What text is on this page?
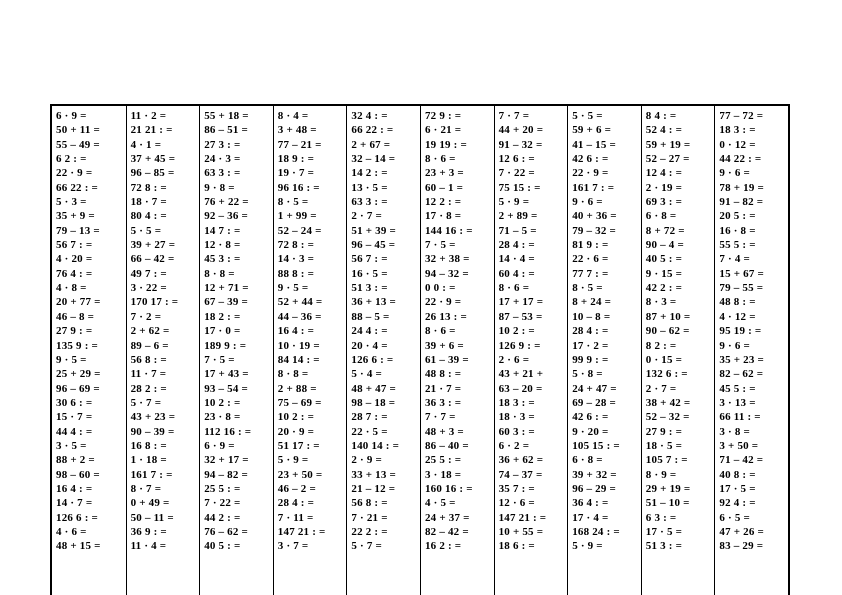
6 · 9 =
50 + 11 =
55 – 49 =
6 2 : =
22 · 9 =
66 22 : =
5 · 3 =
35 + 9 =
79 – 13 =
56 7 : =
4 · 20 =
76 4 : =
4 · 8 =
20 + 77 =
46 – 8 =
27 9 : =
135 9 : =
9 · 5 =
25 + 29 =
96 – 69 =
30 6 : =
15 · 7 =
44 4 : =
3 · 5 =
88 + 2 =
98 – 60 =
16 4 : =
14 · 7 =
126 6 : =
4 · 6 =
48 + 15 =
11 · 2 =
21 21 : =
4 · 1 =
37 + 45 =
96 – 85 =
72 8 : =
18 · 7 =
80 4 : =
5 · 5 =
39 + 27 =
66 – 42 =
49 7 : =
3 · 22 =
170 17 : =
7 · 2 =
2 + 62 =
89 – 6 =
56 8 : =
11 · 7 =
28 2 : =
5 · 7 =
43 + 23 =
90 – 39 =
16 8 : =
1 · 18 =
161 7 : =
8 · 7 =
0 + 49 =
50 – 11 =
36 9 : =
11 · 4 =
55 + 18 =
86 – 51 =
27 3 : =
24 · 3 =
63 3 : =
9 · 8 =
76 + 22 =
92 – 36 =
14 7 : =
12 · 8 =
45 3 : =
8 · 8 =
12 + 71 =
67 – 39 =
18 2 : =
17 · 0 =
189 9 : =
7 · 5 =
17 + 43 =
93 – 54 =
10 2 : =
23 · 8 =
112 16 : =
6 · 9 =
32 + 17 =
94 – 82 =
25 5 : =
7 · 22 =
44 2 : =
76 – 62 =
40 5 : =
8 · 4 =
3 + 48 =
77 – 21 =
18 9 : =
19 · 7 =
96 16 : =
8 · 5 =
1 + 99 =
52 – 24 =
72 8 : =
14 · 3 =
88 8 : =
9 · 5 =
52 + 44 =
44 – 36 =
16 4 : =
10 · 19 =
84 14 : =
8 · 8 =
2 + 88 =
75 – 69 =
10 2 : =
20 · 9 =
51 17 : =
5 · 9 =
23 + 50 =
46 – 2 =
28 4 : =
7 · 11 =
147 21 : =
3 · 7 =
32 4 : =
66 22 : =
2 + 67 =
32 – 14 =
14 2 : =
13 · 5 =
63 3 : =
2 · 7 =
51 + 39 =
96 – 45 =
56 7 : =
16 · 5 =
51 3 : =
36 + 13 =
88 – 5 =
24 4 : =
20 · 4 =
126 6 : =
5 · 4 =
48 + 47 =
98 – 18 =
28 7 : =
22 · 5 =
140 14 : =
2 · 9 =
33 + 13 =
21 – 12 =
56 8 : =
7 · 21 =
22 2 : =
5 · 7 =
72 9 : =
6 · 21 =
19 19 : =
8 · 6 =
23 + 3 =
60 – 1 =
12 2 : =
17 · 8 =
144 16 : =
7 · 5 =
32 + 38 =
94 – 32 =
0 0 : =
22 · 9 =
26 13 : =
8 · 6 =
39 + 6 =
61 – 39 =
48 8 : =
21 · 7 =
36 3 : =
7 · 7 =
48 + 3 =
86 – 40 =
25 5 : =
3 · 18 =
160 16 : =
4 · 5 =
24 + 37 =
82 – 42 =
16 2 : =
7 · 7 =
44 + 20 =
91 – 32 =
12 6 : =
7 · 22 =
75 15 : =
5 · 9 =
2 + 89 =
71 – 5 =
28 4 : =
14 · 4 =
60 4 : =
8 · 6 =
17 + 17 =
87 – 53 =
10 2 : =
126 9 : =
2 · 6 =
43 + 21 +
63 – 20 =
18 3 : =
18 · 3 =
60 3 : =
6 · 2 =
36 + 62 =
74 – 37 =
35 7 : =
12 · 6 =
147 21 : =
10 + 55 =
18 6 : =
5 · 5 =
59 + 6 =
41 – 15 =
42 6 : =
22 · 9 =
161 7 : =
9 · 6 =
40 + 36 =
79 – 32 =
81 9 : =
22 · 6 =
77 7 : =
8 · 5 =
8 + 24 =
10 – 8 =
28 4 : =
17 · 2 =
99 9 : =
5 · 8 =
24 + 47 =
69 – 28 =
42 6 : =
9 · 20 =
105 15 : =
6 · 8 =
39 + 32 =
96 – 29 =
36 4 : =
17 · 4 =
168 24 : =
5 · 9 =
8 4 : =
52 4 : =
59 + 19 =
52 – 27 =
12 4 : =
2 · 19 =
69 3 : =
6 · 8 =
8 + 72 =
90 – 4 =
40 5 : =
9 · 15 =
42 2 : =
8 · 3 =
87 + 10 =
90 – 62 =
8 2 : =
0 · 15 =
132 6 : =
2 · 7 =
38 + 42 =
52 – 32 =
27 9 : =
18 · 5 =
105 7 : =
8 · 9 =
29 + 19 =
51 – 10 =
6 3 : =
17 · 5 =
51 3 : =
77 – 72 =
18 3 : =
0 · 12 =
44 22 : =
9 · 6 =
78 + 19 =
91 – 82 =
20 5 : =
16 · 8 =
55 5 : =
7 · 4 =
15 + 67 =
79 – 55 =
48 8 : =
4 · 12 =
95 19 : =
9 · 6 =
35 + 23 =
82 – 62 =
45 5 : =
3 · 13 =
66 11 : =
3 · 8 =
3 + 50 =
71 – 42 =
40 8 : =
17 · 5 =
92 4 : =
6 · 5 =
47 + 26 =
83 – 29 =
